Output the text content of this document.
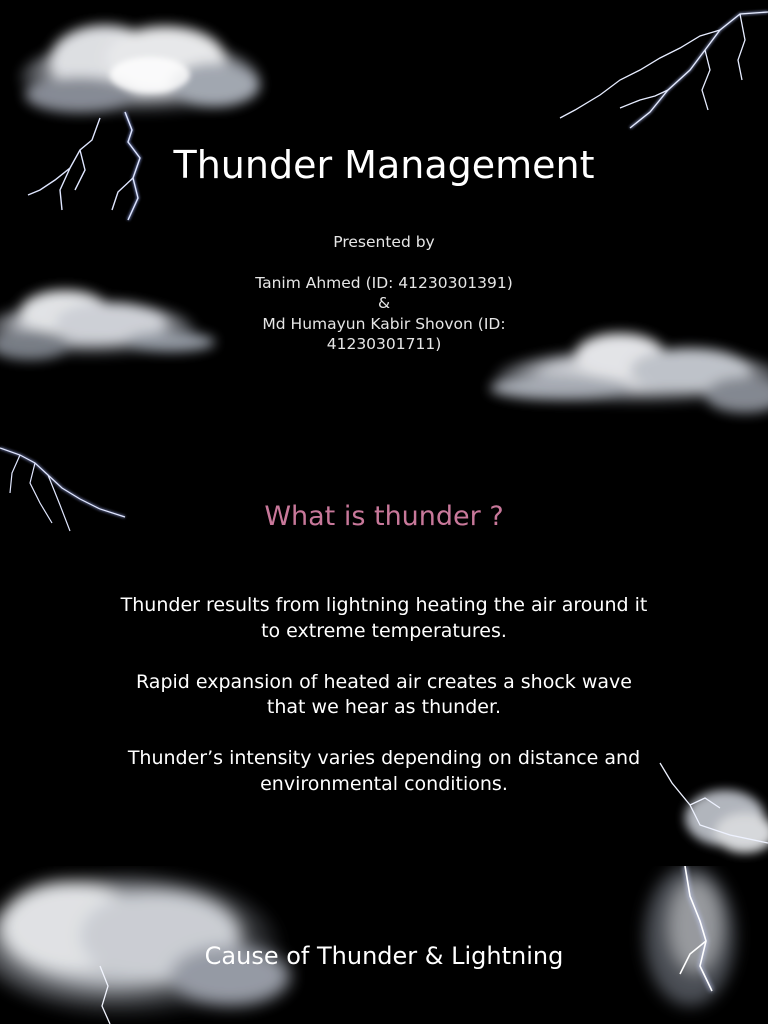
Thunder Management
Presented by
Tanim Ahmed (ID: 41230301391)
&
Md Humayun Kabir Shovon (ID: 41230301711)
What is thunder ?

Thunder results from lightning heating the air around it to extreme temperatures.

Rapid expansion of heated air creates a shock wave that we hear as thunder.

Thunder’s intensity varies depending on distance and environmental conditions.

Cause of Thunder & Lightning
